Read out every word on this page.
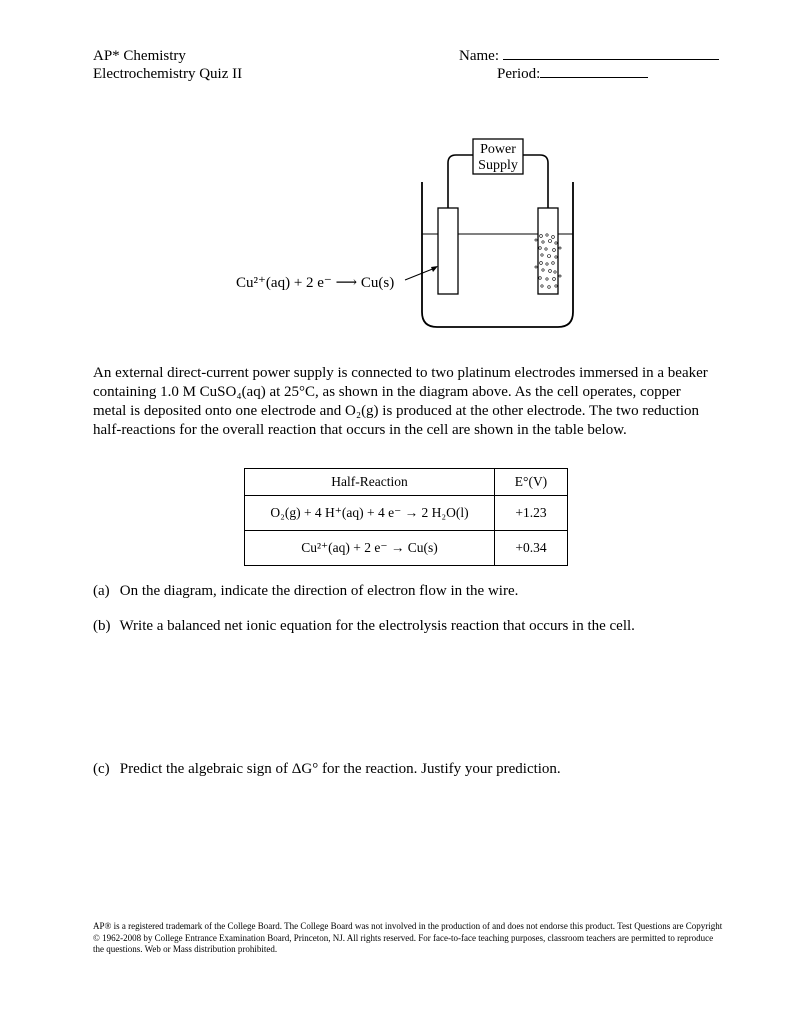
AP* Chemistry
Electrochemistry Quiz II
Name:
Period:
Power
Supply
Cu²⁺(aq) + 2 e⁻ ⟶ Cu(s)
An external direct-current power supply is connected to two platinum electrodes immersed in a beaker containing 1.0 M CuSO₄(aq) at 25°C, as shown in the diagram above. As the cell operates, copper metal is deposited onto one electrode and O₂(g) is produced at the other electrode. The two reduction half-reactions for the overall reaction that occurs in the cell are shown in the table below.
Half-Reaction	E°(V)
O₂(g) + 4 H⁺(aq) + 4 e⁻ → 2 H₂O(l)	+1.23
Cu²⁺(aq) + 2 e⁻ → Cu(s)	+0.34
(a) On the diagram, indicate the direction of electron flow in the wire.
(b) Write a balanced net ionic equation for the electrolysis reaction that occurs in the cell.
(c) Predict the algebraic sign of ΔG° for the reaction. Justify your prediction.
AP® is a registered trademark of the College Board. The College Board was not involved in the production of and does not endorse this product. Test Questions are Copyright © 1962-2008 by College Entrance Examination Board, Princeton, NJ. All rights reserved. For face-to-face teaching purposes, classroom teachers are permitted to reproduce the questions. Web or Mass distribution prohibited.
